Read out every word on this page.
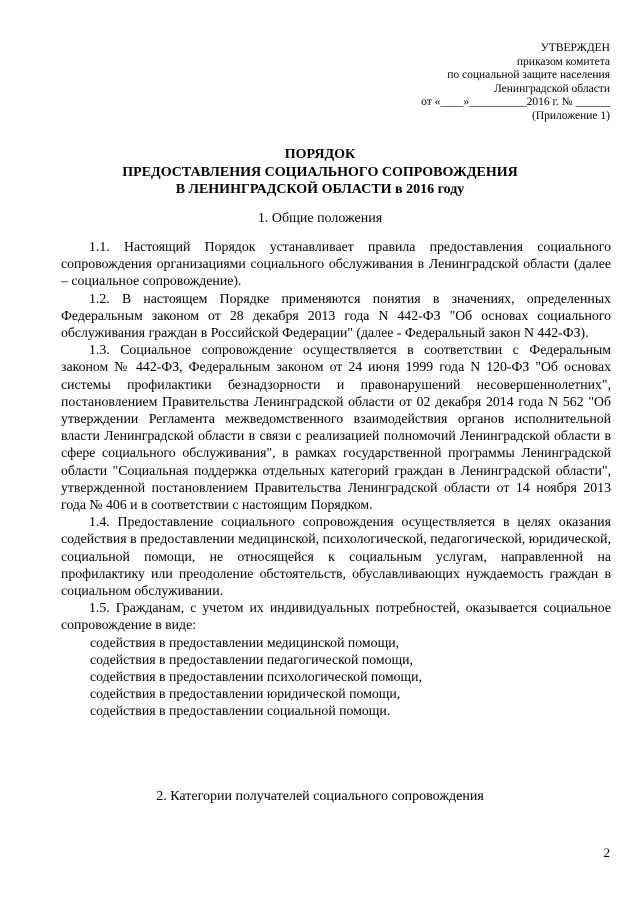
УТВЕРЖДЕН
приказом комитета
по социальной защите населения
Ленинградской области
от «____»__________2016 г. № ______
(Приложение 1)
ПОРЯДОК
ПРЕДОСТАВЛЕНИЯ СОЦИАЛЬНОГО СОПРОВОЖДЕНИЯ
В ЛЕНИНГРАДСКОЙ ОБЛАСТИ в 2016 году
1. Общие положения

1.1. Настоящий Порядок устанавливает правила предоставления социального сопровождения организациями социального обслуживания в Ленинградской области (далее – социальное сопровождение).

1.2. В настоящем Порядке применяются понятия в значениях, определенных Федеральным законом от 28 декабря 2013 года N 442-ФЗ "Об основах социального обслуживания граждан в Российской Федерации" (далее - Федеральный закон N 442-ФЗ).

1.3. Социальное сопровождение осуществляется в соответствии с Федеральным законом № 442-ФЗ, Федеральным законом от 24 июня 1999 года N 120-ФЗ "Об основах системы профилактики безнадзорности и правонарушений несовершеннолетних", постановлением Правительства Ленинградской области от 02 декабря 2014 года N 562 "Об утверждении Регламента межведомственного взаимодействия органов исполнительной власти Ленинградской области в связи с реализацией полномочий Ленинградской области в сфере социального обслуживания", в рамках государственной программы Ленинградской области "Социальная поддержка отдельных категорий граждан в Ленинградской области", утвержденной постановлением Правительства Ленинградской области от 14 ноября 2013 года № 406 и в соответствии с настоящим Порядком.

1.4. Предоставление социального сопровождения осуществляется в целях оказания содействия в предоставлении медицинской, психологической, педагогической, юридической, социальной помощи, не относящейся к социальным услугам, направленной на профилактику или преодоление обстоятельств, обуславливающих нуждаемость граждан в социальном обслуживании.

1.5. Гражданам, с учетом их индивидуальных потребностей, оказывается социальное сопровождение в виде:

содействия в предоставлении медицинской помощи,
содействия в предоставлении педагогической помощи,
содействия в предоставлении психологической помощи,
содействия в предоставлении юридической помощи,
содействия в предоставлении социальной помощи.
2. Категории получателей социального сопровождения
2
